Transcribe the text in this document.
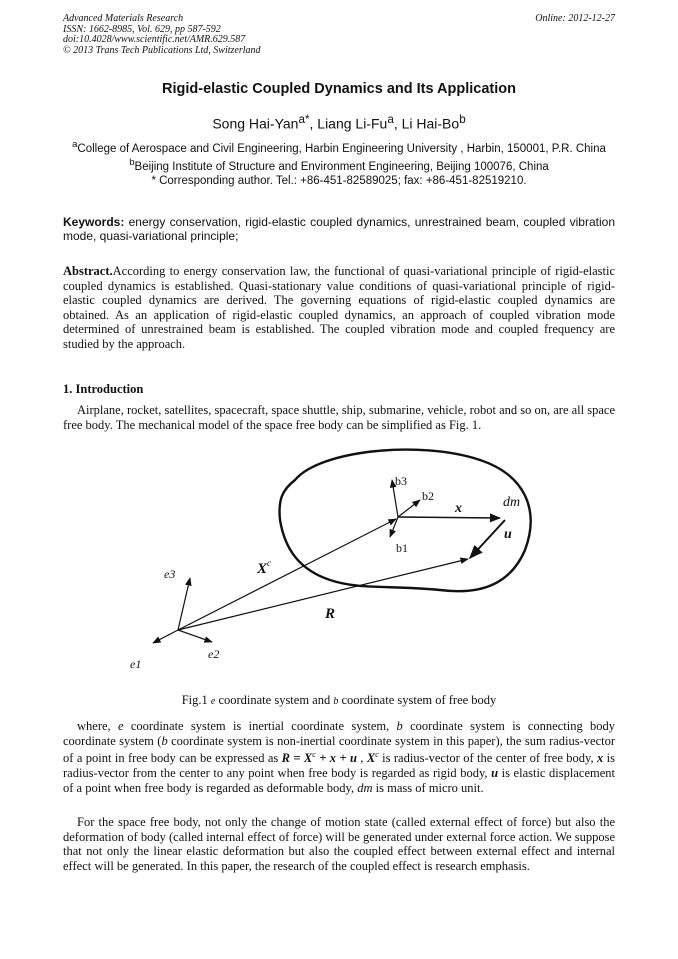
Advanced Materials Research
ISSN: 1662-8985, Vol. 629, pp 587-592
doi:10.4028/www.scientific.net/AMR.629.587
© 2013 Trans Tech Publications Ltd, Switzerland
Online: 2012-12-27
Rigid-elastic Coupled Dynamics and Its Application
Song Hai-Yan$^{a*}$, Liang Li-Fu$^a$, Li Hai-Bo$^b$
$^a$College of Aerospace and Civil Engineering, Harbin Engineering University , Harbin, 150001, P.R. China
$^b$Beijing Institute of Structure and Environment Engineering, Beijing 100076, China
* Corresponding author. Tel.: +86-451-82589025; fax: +86-451-82519210.
Keywords: energy conservation, rigid-elastic coupled dynamics, unrestrained beam, coupled vibration mode, quasi-variational principle;
Abstract.According to energy conservation law, the functional of quasi-variational principle of rigid-elastic coupled dynamics is established. Quasi-stationary value conditions of quasi-variational principle of rigid-elastic coupled dynamics are derived. The governing equations of rigid-elastic coupled dynamics are obtained. As an application of rigid-elastic coupled dynamics, an approach of coupled vibration mode determined of unrestrained beam is established. The coupled vibration mode and coupled frequency are studied by the approach.
1. Introduction
Airplane, rocket, satellites, spacecraft, space shuttle, ship, submarine, vehicle, robot and so on, are all space free body. The mechanical model of the space free body can be simplified as Fig. 1.
b3
b2
b1
x	dm
u
$X^c$
R
e3
e2
e1
Fig.1 e coordinate system and b coordinate system of free body
where, e coordinate system is inertial coordinate system, b coordinate system is connecting body coordinate system (b coordinate system is non-inertial coordinate system in this paper), the sum radius-vector of a point in free body can be expressed as $R = X^c + x + u$ , $X^c$ is radius-vector of the center of free body, x is radius-vector from the center to any point when free body is regarded as rigid body, u is elastic displacement of a point when free body is regarded as deformable body, dm is mass of micro unit.
For the space free body, not only the change of motion state (called external effect of force) but also the deformation of body (called internal effect of force) will be generated under external force action. We suppose that not only the linear elastic deformation but also the coupled effect between external effect and internal effect will be generated. In this paper, the research of the coupled effect is research emphasis.
